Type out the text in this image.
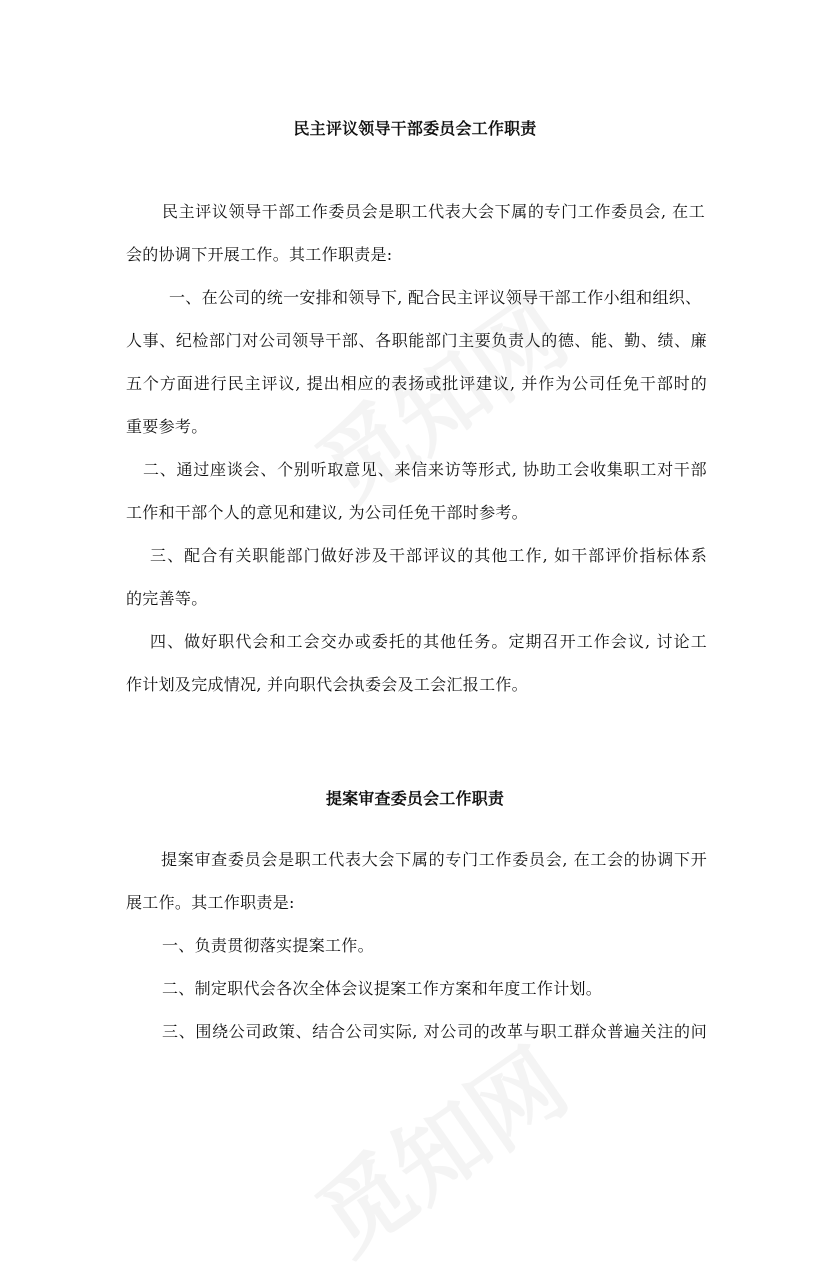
民主评议领导干部委员会工作职责
民主评议领导干部工作委员会是职工代表大会下属的专门工作委员会, 在工
会的协调下开展工作。其工作职责是:
一、在公司的统一安排和领导下, 配合民主评议领导干部工作小组和组织、
人事、纪检部门对公司领导干部、各职能部门主要负责人的德、能、勤、绩、廉
五个方面进行民主评议, 提出相应的表扬或批评建议, 并作为公司任免干部时的
重要参考。
二、通过座谈会、个别听取意见、来信来访等形式, 协助工会收集职工对干部
工作和干部个人的意见和建议, 为公司任免干部时参考。
三、配合有关职能部门做好涉及干部评议的其他工作, 如干部评价指标体系
的完善等。
四、做好职代会和工会交办或委托的其他任务。定期召开工作会议, 讨论工
作计划及完成情况, 并向职代会执委会及工会汇报工作。
提案审查委员会工作职责
提案审查委员会是职工代表大会下属的专门工作委员会, 在工会的协调下开
展工作。其工作职责是:
一、负责贯彻落实提案工作。
二、制定职代会各次全体会议提案工作方案和年度工作计划。
三、围绕公司政策、结合公司实际, 对公司的改革与职工群众普遍关注的问
